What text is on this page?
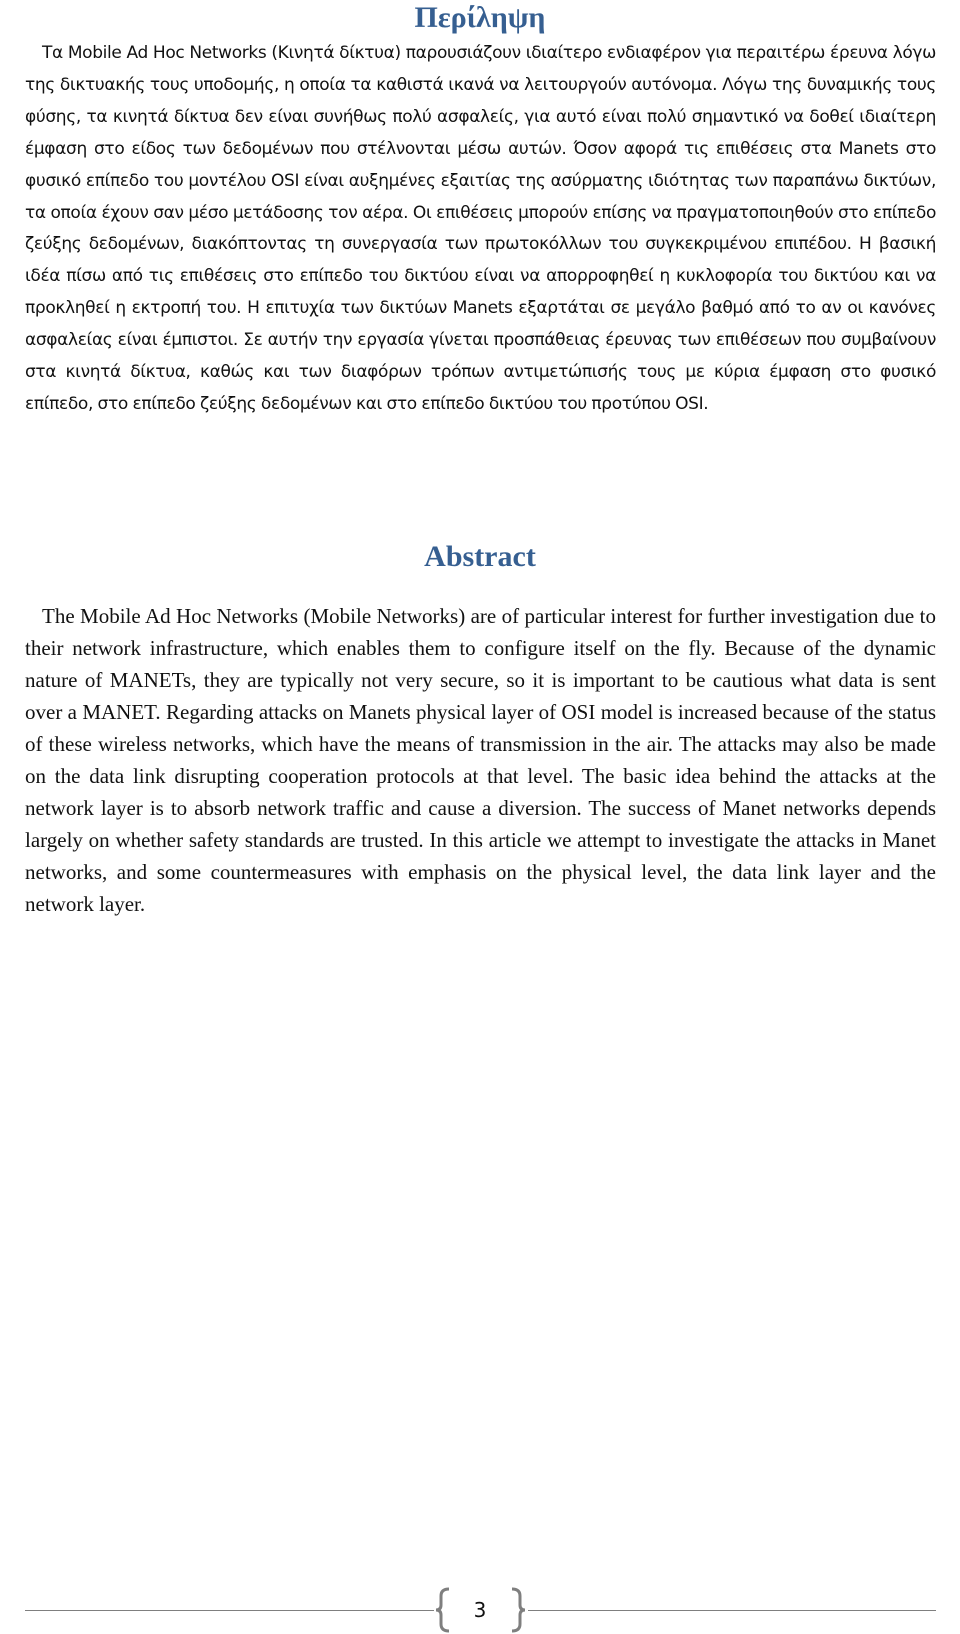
Περίληψη

Τα Mobile Ad Hoc Networks (Κινητά δίκτυα) παρουσιάζουν ιδιαίτερο ενδιαφέρον για περαιτέρω έρευνα λόγω της δικτυακής τους υποδομής, η οποία τα καθιστά ικανά να λειτουργούν αυτόνομα. Λόγω της δυναμικής τους φύσης, τα κινητά δίκτυα δεν είναι συνήθως πολύ ασφαλείς, για αυτό είναι πολύ σημαντικό να δοθεί ιδιαίτερη έμφαση στο είδος των δεδομένων που στέλνονται μέσω αυτών. Όσον αφορά τις επιθέσεις στα Manets στο φυσικό επίπεδο του μοντέλου OSI είναι αυξημένες εξαιτίας της ασύρματης ιδιότητας των παραπάνω δικτύων, τα οποία έχουν σαν μέσο μετάδοσης τον αέρα. Οι επιθέσεις μπορούν επίσης να πραγματοποιηθούν στο επίπεδο ζεύξης δεδομένων, διακόπτοντας τη συνεργασία των πρωτοκόλλων του συγκεκριμένου επιπέδου. Η βασική ιδέα πίσω από τις επιθέσεις στο επίπεδο του δικτύου είναι να απορροφηθεί η κυκλοφορία του δικτύου και να προκληθεί η εκτροπή του. Η επιτυχία των δικτύων Manets εξαρτάται σε μεγάλο βαθμό από το αν οι κανόνες ασφαλείας είναι έμπιστοι. Σε αυτήν την εργασία γίνεται προσπάθειας έρευνας των επιθέσεων που συμβαίνουν στα κινητά δίκτυα, καθώς και των διαφόρων τρόπων αντιμετώπισής τους με κύρια έμφαση στο φυσικό επίπεδο, στο επίπεδο ζεύξης δεδομένων και στο επίπεδο δικτύου του προτύπου OSI.

Abstract

The Mobile Ad Hoc Networks (Mobile Networks) are of particular interest for further investigation due to their network infrastructure, which enables them to configure itself on the fly. Because of the dynamic nature of MANETs, they are typically not very secure, so it is important to be cautious what data is sent over a MANET. Regarding attacks on Manets physical layer of OSI model is increased because of the status of these wireless networks, which have the means of transmission in the air. The attacks may also be made on the data link disrupting cooperation protocols at that level. The basic idea behind the attacks at the network layer is to absorb network traffic and cause a diversion. The success of Manet networks depends largely on whether safety standards are trusted. In this article we attempt to investigate the attacks in Manet networks, and some countermeasures with emphasis on the physical level, the data link layer and the network layer.

3
